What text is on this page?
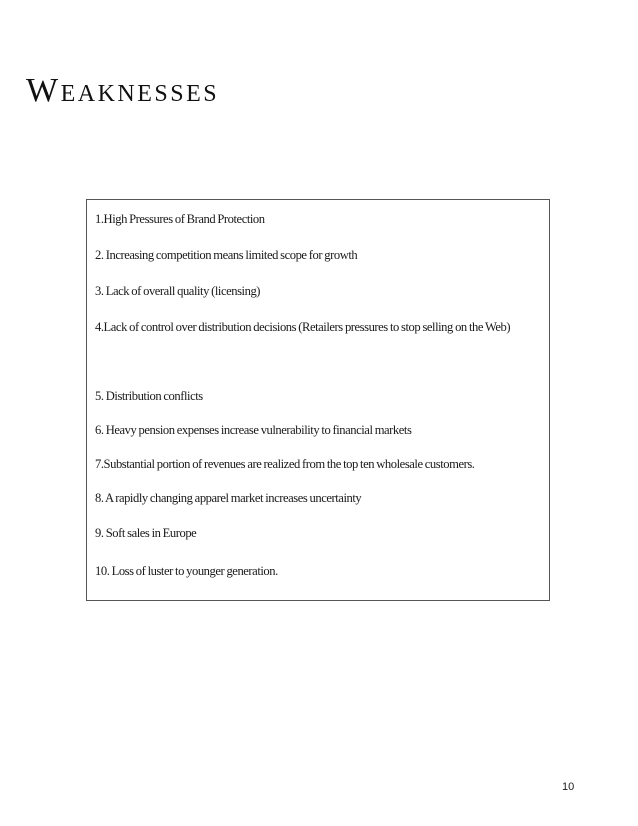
Weaknesses
1.High Pressures of Brand Protection
2. Increasing competition means limited scope for growth
3. Lack of overall quality (licensing)
4.Lack of control over distribution decisions (Retailers pressures to stop selling on the Web)
5. Distribution conflicts
6. Heavy pension expenses increase vulnerability to financial markets
7.Substantial portion of revenues are realized from the top ten wholesale customers.
8. A rapidly changing apparel market increases uncertainty
9. Soft sales in Europe
10. Loss of luster to younger generation.
10
